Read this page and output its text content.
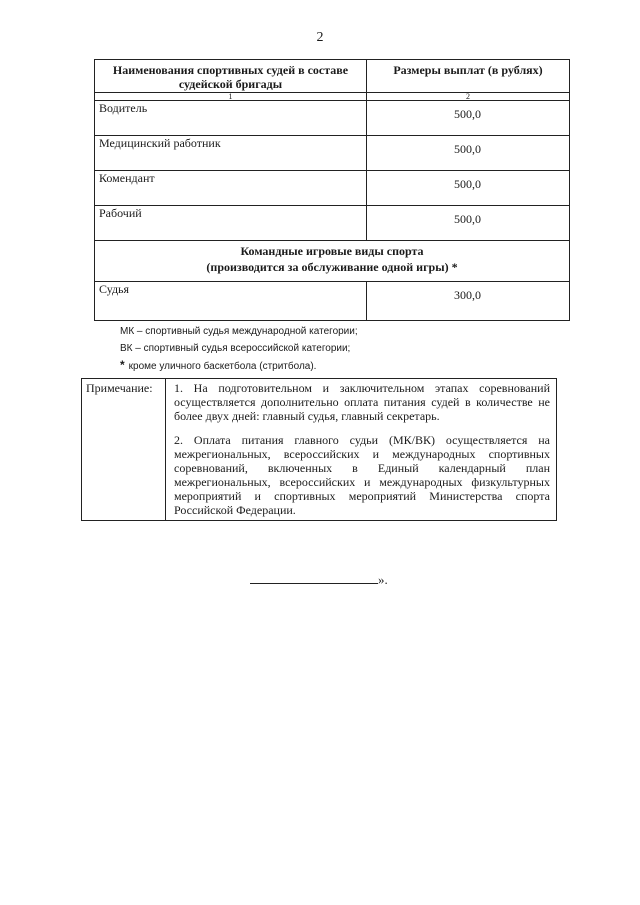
2
Наименования спортивных судей в составе судейской бригады	Размеры выплат (в рублях)
1	2
Водитель	500,0
Медицинский работник	500,0
Комендант	500,0
Рабочий	500,0

Командные игровые виды спорта
(производится за обслуживание одной игры) *	

Судья	300,0
МК – спортивный судья международной категории;
ВК – спортивный судья всероссийской категории;
* кроме уличного баскетбола (стритбола).
Примечание:	1. На подготовительном и заключительном этапах соревнований осуществляется дополнительно оплата питания судей в количестве не более двух дней: главный судья, главный секретарь.

2. Оплата питания главного судьи (МК/ВК) осуществляется на межрегиональных, всероссийских и международных спортивных соревнований, включенных в Единый календарный план межрегиональных, всероссийских и международных физкультурных мероприятий и спортивных мероприятий Министерства спорта Российской Федерации.

».
